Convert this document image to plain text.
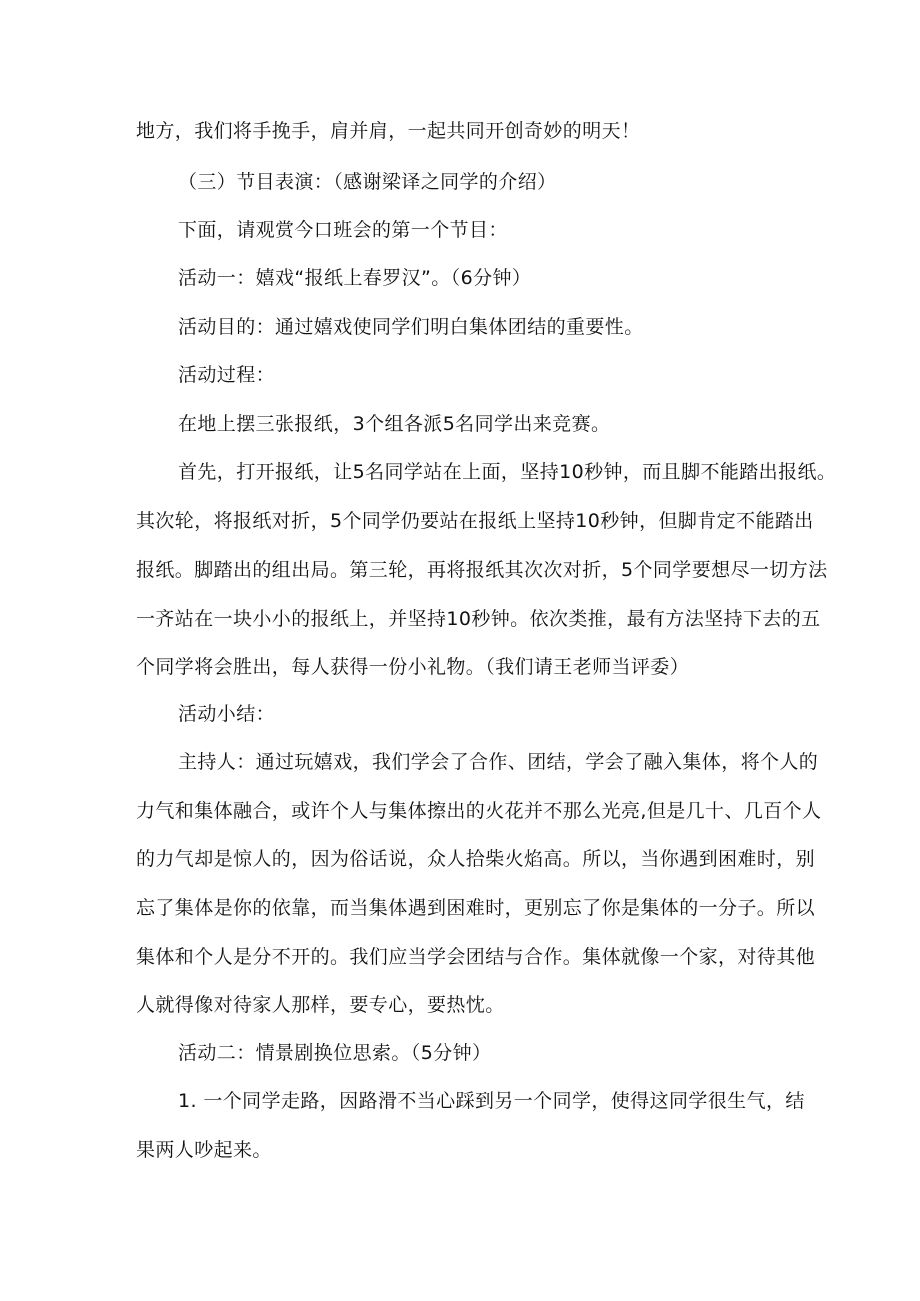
地方，我们将手挽手，肩并肩，一起共同开创奇妙的明天！
（三）节目表演：（感谢梁译之同学的介绍）
下面，请观赏今口班会的第一个节目：
活动一：嬉戏“报纸上春罗汉”。（6分钟）
活动目的：通过嬉戏使同学们明白集体团结的重要性。
活动过程：
在地上摆三张报纸，3个组各派5名同学出来竞赛。
首先，打开报纸，让5名同学站在上面，坚持10秒钟，而且脚不能踏出报纸。
其次轮，将报纸对折，5个同学仍要站在报纸上坚持10秒钟，但脚肯定不能踏出
报纸。脚踏出的组出局。第三轮，再将报纸其次次对折，5个同学要想尽一切方法
一齐站在一块小小的报纸上，并坚持10秒钟。依次类推，最有方法坚持下去的五
个同学将会胜出，每人获得一份小礼物。（我们请王老师当评委）
活动小结：
主持人：通过玩嬉戏，我们学会了合作、团结，学会了融入集体，将个人的
力气和集体融合，或许个人与集体擦出的火花并不那么光亮,但是几十、几百个人
的力气却是惊人的，因为俗话说，众人拾柴火焰高。所以，当你遇到困难时，别
忘了集体是你的依靠，而当集体遇到困难时，更别忘了你是集体的一分子。所以
集体和个人是分不开的。我们应当学会团结与合作。集体就像一个家，对待其他
人就得像对待家人那样，要专心，要热忱。
活动二：情景剧换位思索。（5分钟）
1. 一个同学走路，因路滑不当心踩到另一个同学，使得这同学很生气，结
果两人吵起来。
